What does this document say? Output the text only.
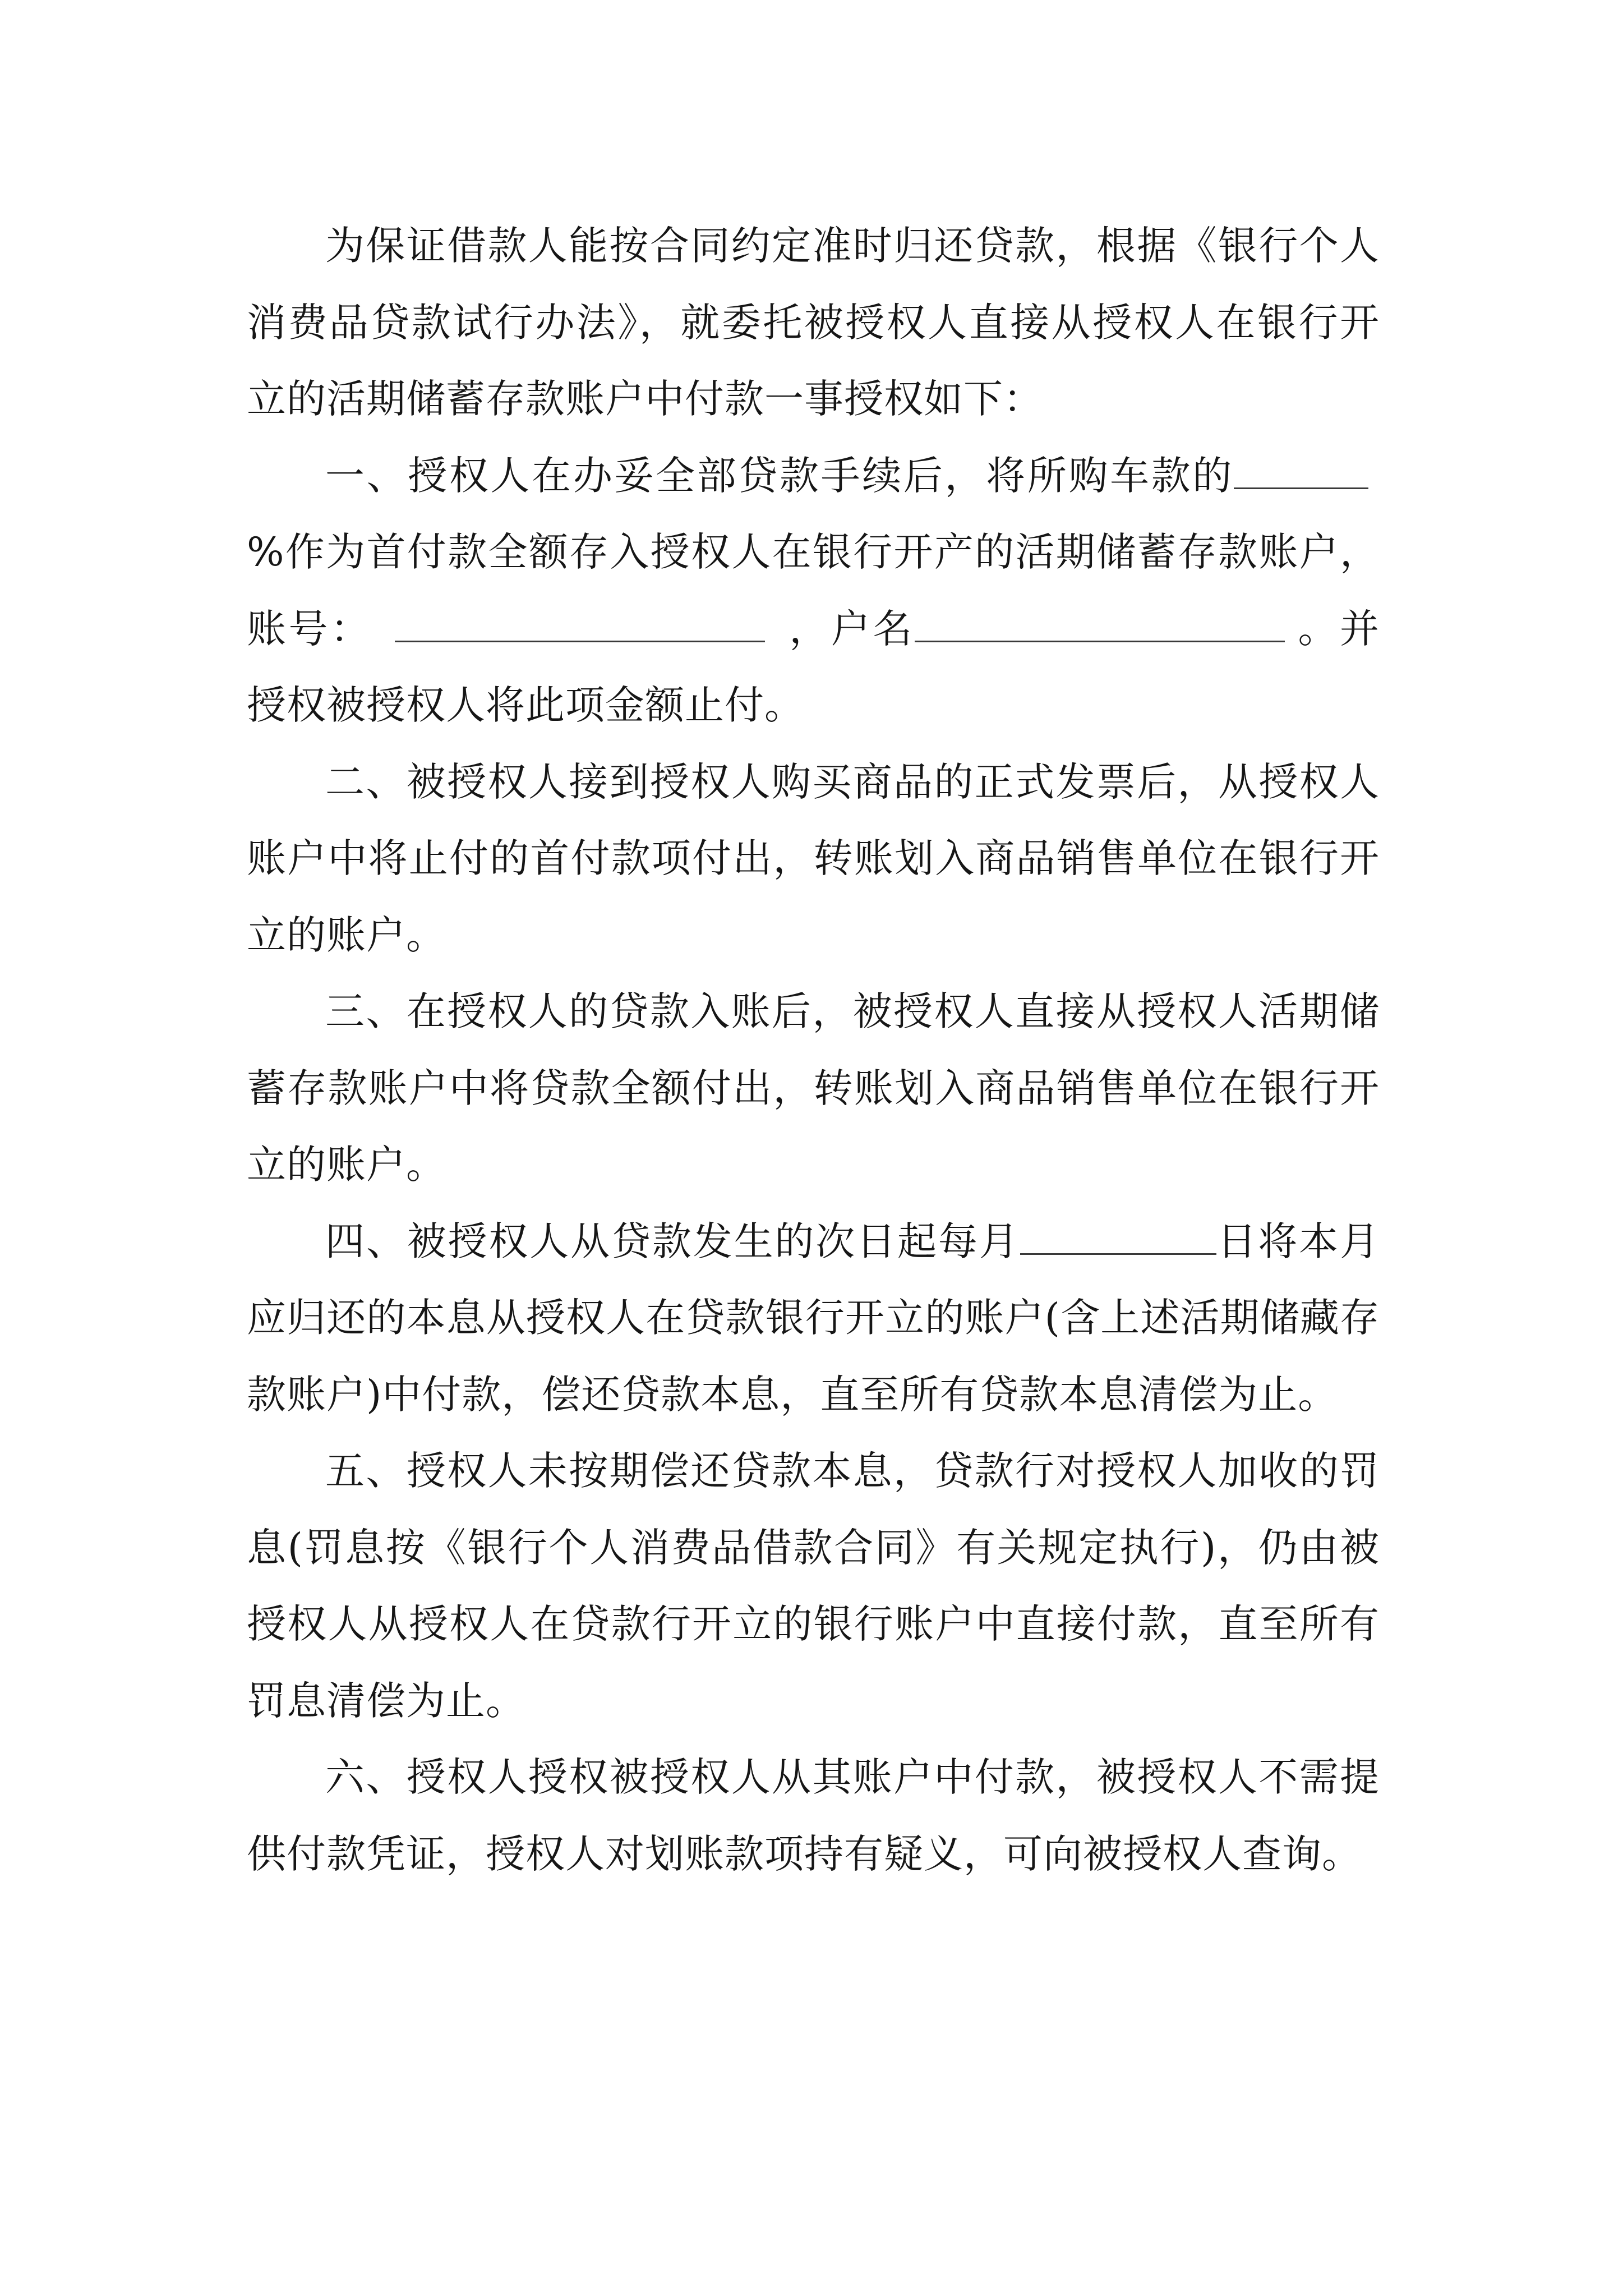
为保证借款人能按合同约定准时归还贷款，根据《银行个人消费品贷款试行办法》，就委托被授权人直接从授权人在银行开立的活期储蓄存款账户中付款一事授权如下：

一、授权人在办妥全部贷款手续后，将所购车款的%作为首付款全额存入授权人在银行开产的活期储蓄存款账户，账号：	，户名	。并授权被授权人将此项金额止付。

二、被授权人接到授权人购买商品的正式发票后，从授权人账户中将止付的首付款项付出，转账划入商品销售单位在银行开立的账户。

三、在授权人的贷款入账后，被授权人直接从授权人活期储蓄存款账户中将贷款全额付出，转账划入商品销售单位在银行开立的账户。

四、被授权人从贷款发生的次日起每月	日将本月应归还的本息从授权人在贷款银行开立的账户(含上述活期储藏存款账户)中付款，偿还贷款本息，直至所有贷款本息清偿为止。

五、授权人未按期偿还贷款本息，贷款行对授权人加收的罚息(罚息按《银行个人消费品借款合同》有关规定执行)，仍由被授权人从授权人在贷款行开立的银行账户中直接付款，直至所有罚息清偿为止。

六、授权人授权被授权人从其账户中付款，被授权人不需提供付款凭证，授权人对划账款项持有疑义，可向被授权人查询。
